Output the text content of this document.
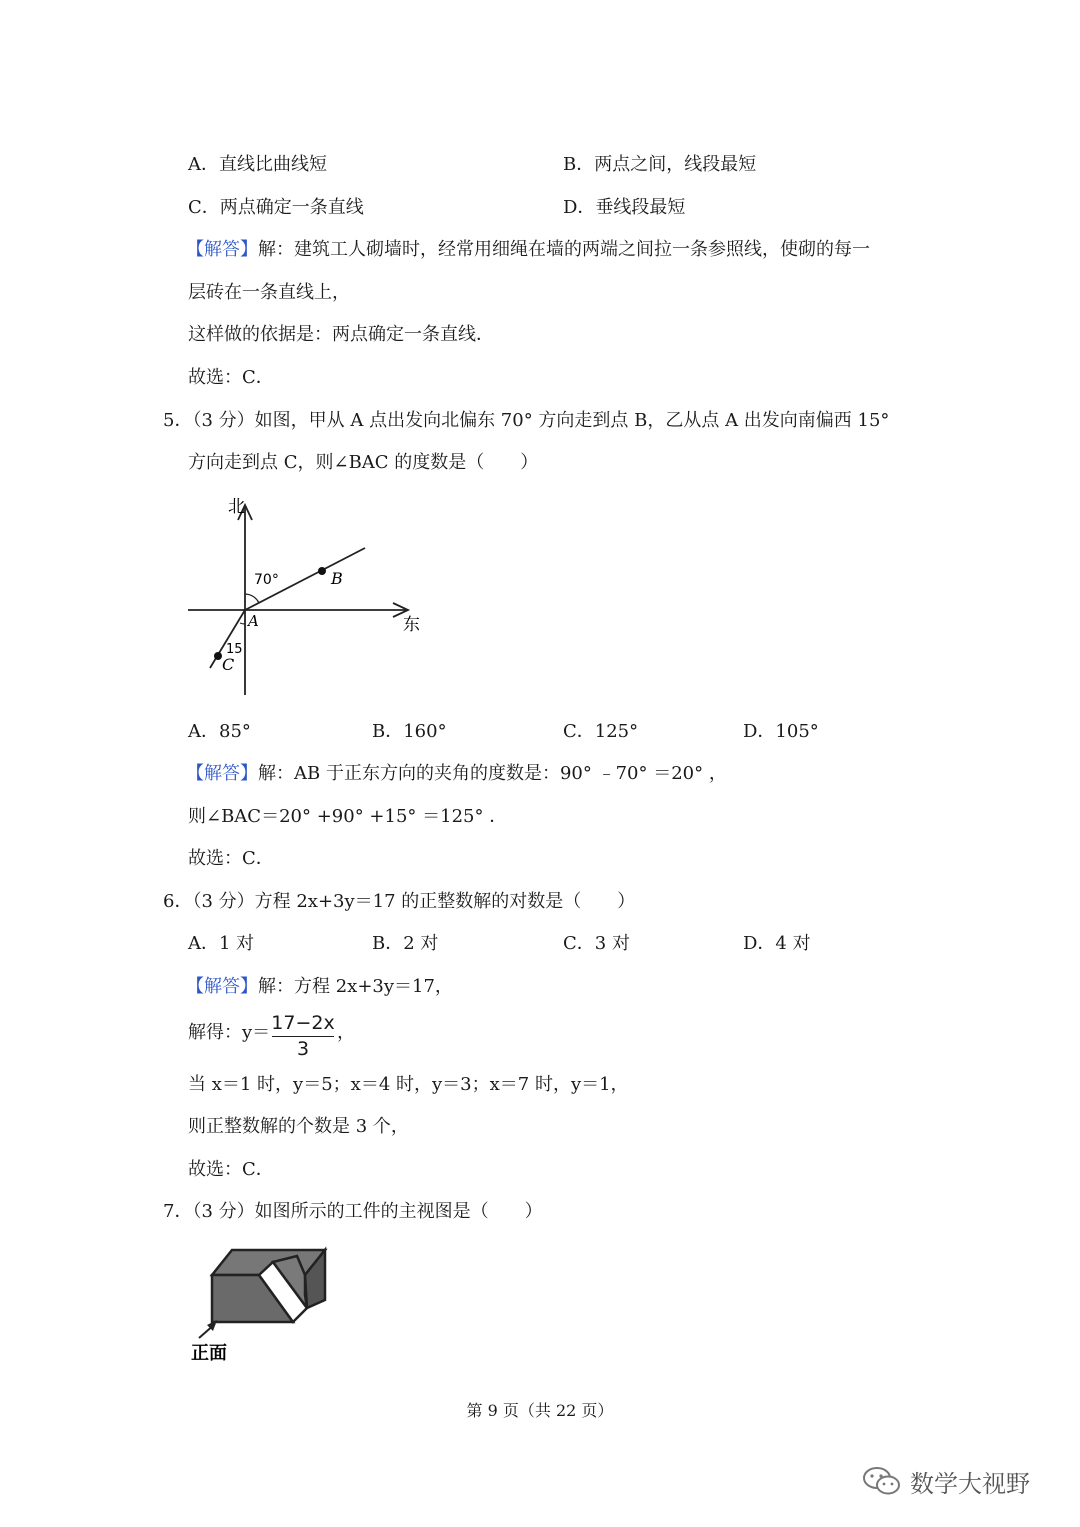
A．直线比曲线短	B．两点之间，线段最短
C．两点确定一条直线	D．垂线段最短
【解答】解：建筑工人砌墙时，经常用细绳在墙的两端之间拉一条参照线，使砌的每一
层砖在一条直线上，
这样做的依据是：两点确定一条直线．
故选：C．
5．（3 分）如图，甲从 A 点出发向北偏东 70° 方向走到点 B，乙从点 A 出发向南偏西 15°
方向走到点 C，则∠BAC 的度数是（　　）
北
东
70°
15
A
B
C
A．85°	B．160°	C．125°	D．105°
【解答】解：AB 于正东方向的夹角的度数是：90° ﹣70° ＝20° ，
则∠BAC＝20° +90° +15° ＝125° ．
故选：C．
6．（3 分）方程 2x+3y＝17 的正整数解的对数是（　　）
A．1 对	B．2 对	C．3 对	D．4 对
【解答】解：方程 2x+3y＝17，
解得：y＝ 17−2x
3
，
当 x＝1 时，y＝5；x＝4 时，y＝3；x＝7 时，y＝1，
则正整数解的个数是 3 个，
故选：C．
7．（3 分）如图所示的工件的主视图是（　　）
正面
第 9 页（共 22 页）
数学大视野
